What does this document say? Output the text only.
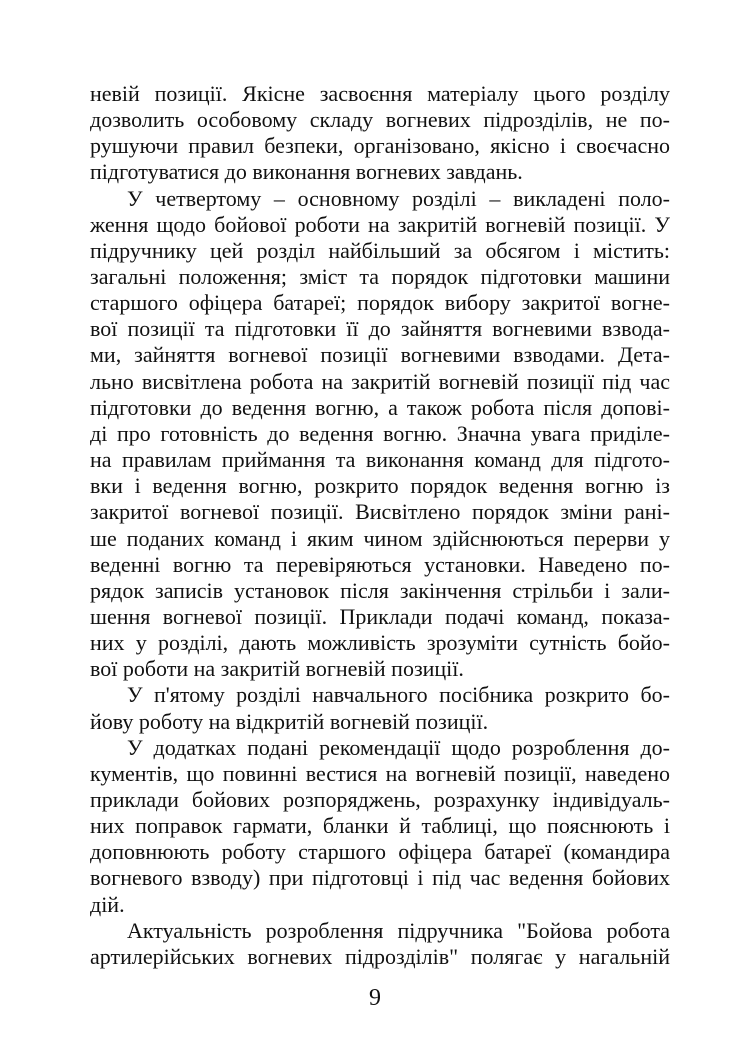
невій позиції. Якісне засвоєння матеріалу цього розділу
дозволить особовому складу вогневих підрозділів, не по-
рушуючи правил безпеки, організовано, якісно і своєчасно
підготуватися до виконання вогневих завдань.
У четвертому – основному розділі – викладені поло-
ження щодо бойової роботи на закритій вогневій позиції. У
підручнику цей розділ найбільший за обсягом і містить:
загальні положення; зміст та порядок підготовки машини
старшого офіцера батареї; порядок вибору закритої вогне-
вої позиції та підготовки її до зайняття вогневими взвода-
ми, зайняття вогневої позиції вогневими взводами. Дета-
льно висвітлена робота на закритій вогневій позиції під час
підготовки до ведення вогню, а також робота після допові-
ді про готовність до ведення вогню. Значна увага приділе-
на правилам приймання та виконання команд для підгото-
вки і ведення вогню, розкрито порядок ведення вогню із
закритої вогневої позиції. Висвітлено порядок зміни рані-
ше поданих команд і яким чином здійснюються перерви у
веденні вогню та перевіряються установки. Наведено по-
рядок записів установок після закінчення стрільби і зали-
шення вогневої позиції. Приклади подачі команд, показа-
них у розділі, дають можливість зрозуміти сутність бойо-
вої роботи на закритій вогневій позиції.
У п'ятому розділі навчального посібника розкрито бо-
йову роботу на відкритій вогневій позиції.
У додатках подані рекомендації щодо розроблення до-
кументів, що повинні вестися на вогневій позиції, наведено
приклади бойових розпоряджень, розрахунку індивідуаль-
них поправок гармати, бланки й таблиці, що пояснюють і
доповнюють роботу старшого офіцера батареї (командира
вогневого взводу) при підготовці і під час ведення бойових
дій.
Актуальність розроблення підручника "Бойова робота
артилерійських вогневих підрозділів" полягає у нагальній
9
